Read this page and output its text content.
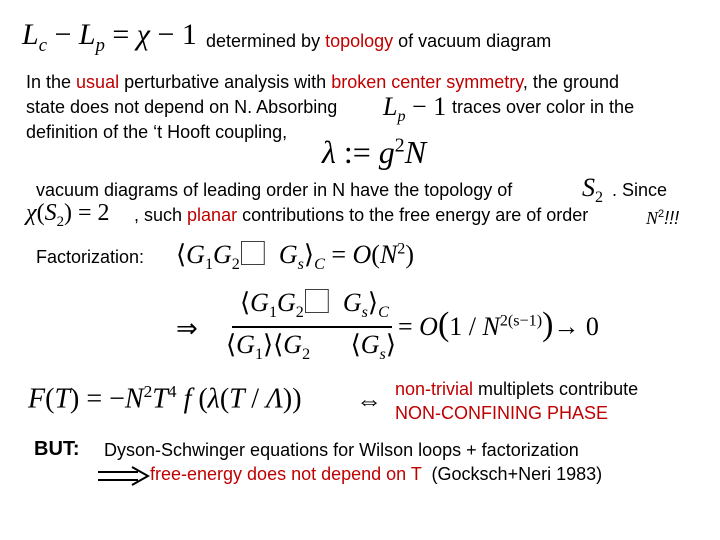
$L_c - L_p = \chi - 1$ determined by topology of vacuum diagram
In the usual perturbative analysis with broken center symmetry, the ground
state does not depend on N. Absorbing $L_p - 1$ traces over color in the
definition of the ‘t Hooft coupling,
λ := $g^2N$
vacuum diagrams of leading order in N have the topology of	$S_2$ . Since
$\chi(S_2) = 2$ , such planar contributions to the free energy are of order	$N^2$!!!
Factorization: $⟨G_1G_2⃞$  $G_s⟩_C = O(N^2)$
⇒
$⟨G_1G_2⃞$  $G_s⟩_C$
$⟨G_1⟩⟨G_2⟩⃞⟨G_s⟩$
= $O(1 / N^{2(s-1)})\to 0$
$F(T) = -N^2T^4$ f (λ(T / Λ)) ⇔ non-trivial multiplets contribute
NON-CONFINING PHASE
BUT: Dyson-Schwinger equations for Wilson loops + factorization
free-energy does not depend on T  (Gocksch+Neri 1983)
